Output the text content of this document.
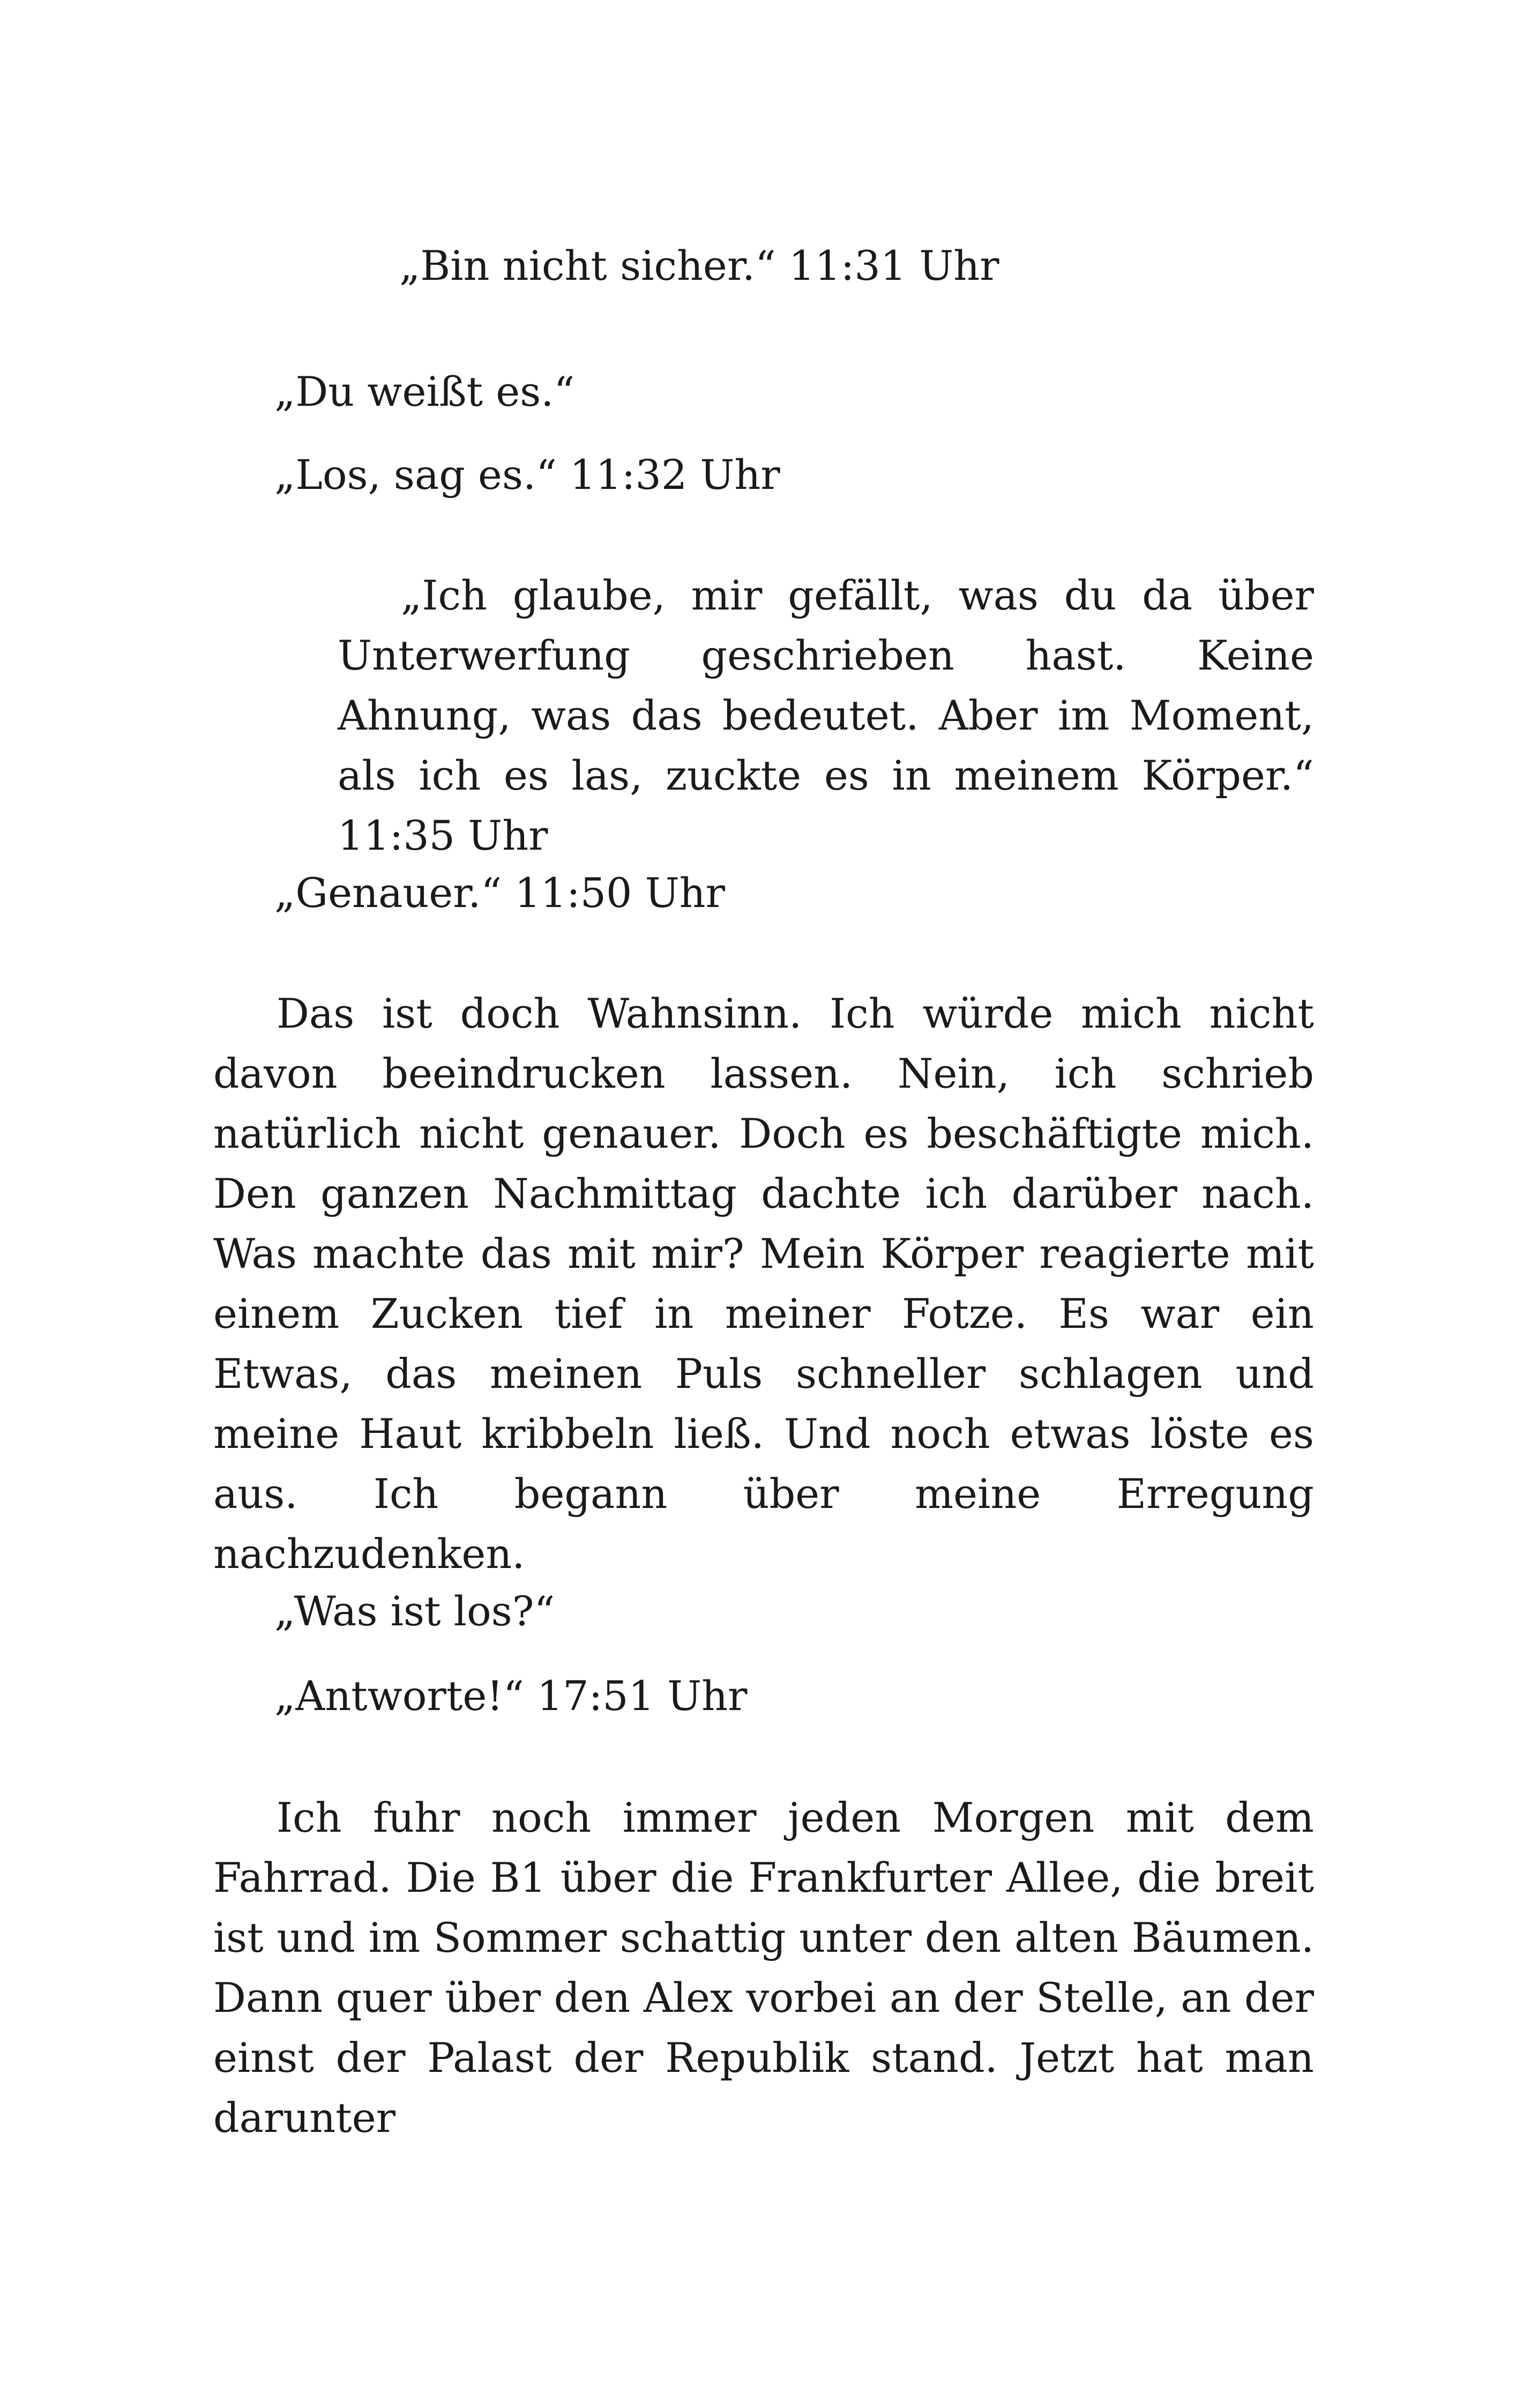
„Bin nicht sicher.“ 11:31 Uhr
„Du weißt es.“
„Los, sag es.“ 11:32 Uhr

„Ich glaube, mir gefällt, was du da über Unterwerfung geschrieben hast. Keine Ahnung, was das bedeutet. Aber im Moment, als ich es las, zuckte es in meinem Körper.“ 11:35 Uhr

„Genauer.“ 11:50 Uhr

Das ist doch Wahnsinn. Ich würde mich nicht davon beeindrucken lassen. Nein, ich schrieb natürlich nicht genauer. Doch es beschäftigte mich. Den ganzen Nachmittag dachte ich darüber nach. Was machte das mit mir? Mein Körper reagierte mit einem Zucken tief in meiner Fotze. Es war ein Etwas, das meinen Puls schneller schlagen und meine Haut kribbeln ließ. Und noch etwas löste es aus. Ich begann über meine Erregung nachzudenken.

„Was ist los?“
„Antworte!“ 17:51 Uhr

Ich fuhr noch immer jeden Morgen mit dem Fahrrad. Die B1 über die Frankfurter Allee, die breit ist und im Sommer schattig unter den alten Bäumen. Dann quer über den Alex vorbei an der Stelle, an der einst der Palast der Republik stand. Jetzt hat man darunter
